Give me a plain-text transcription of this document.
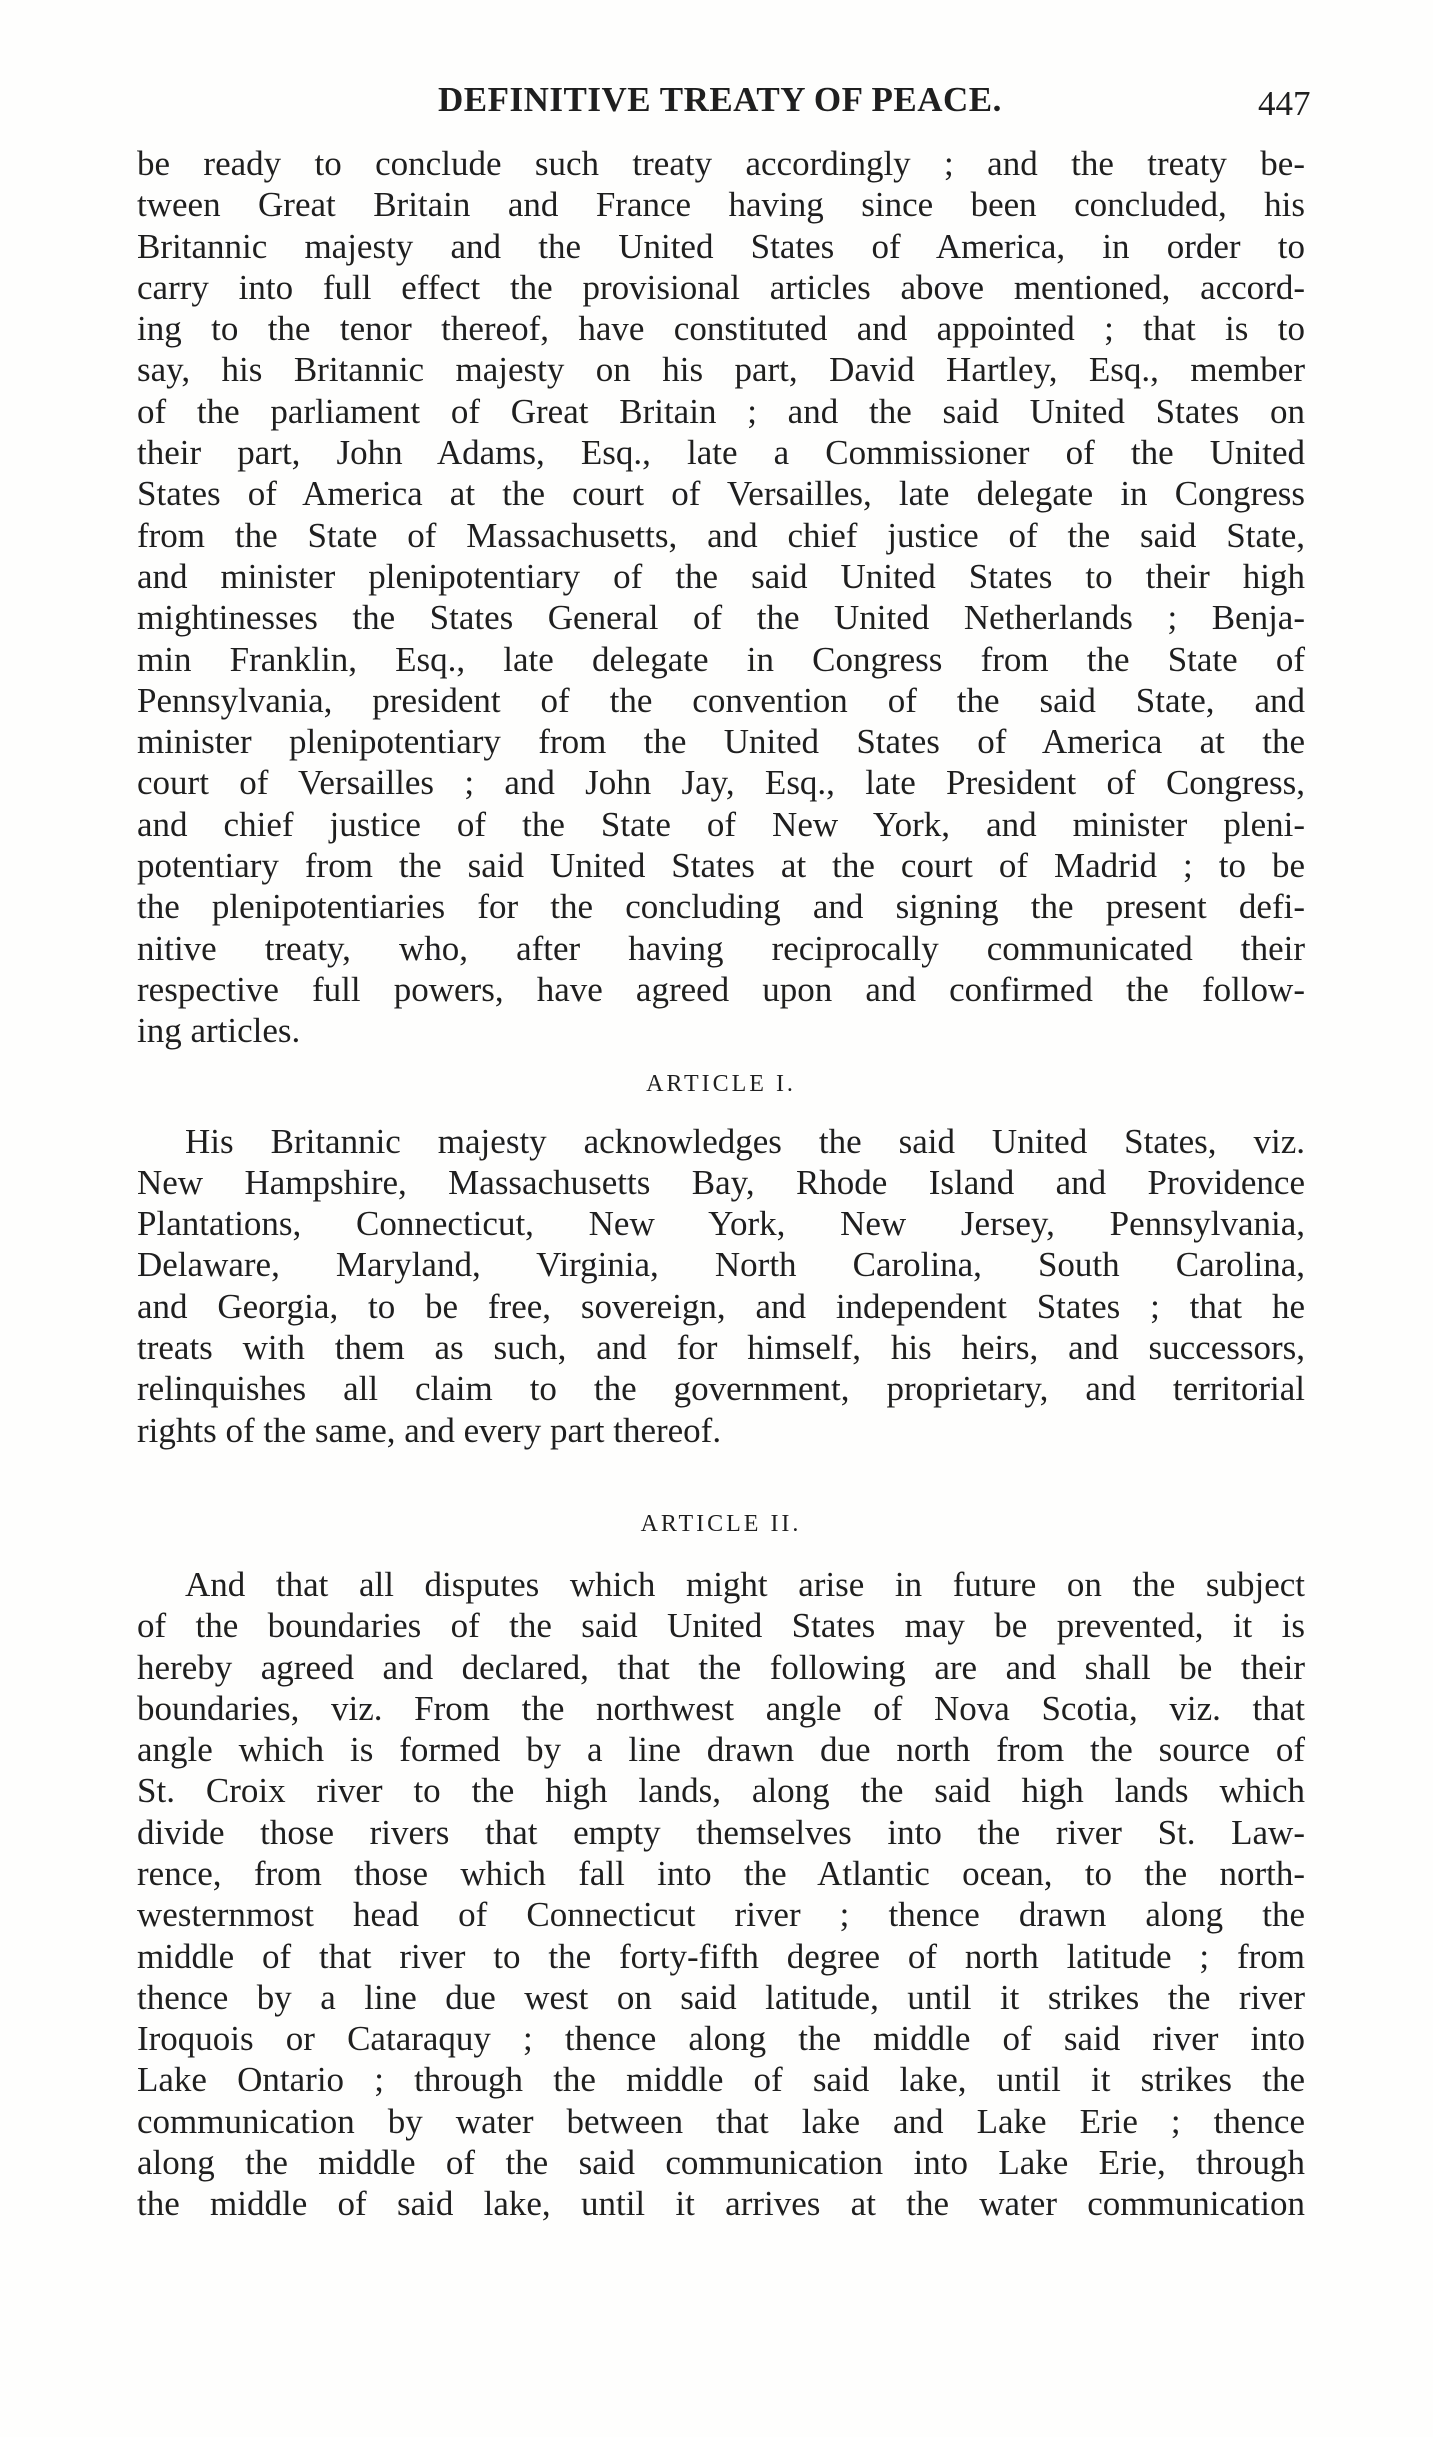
DEFINITIVE TREATY OF PEACE.	447
be ready to conclude such treaty accordingly ; and the treaty be-
tween Great Britain and France having since been concluded, his
Britannic majesty and the United States of America, in order to
carry into full effect the provisional articles above mentioned, accord-
ing to the tenor thereof, have constituted and appointed ; that is to
say, his Britannic majesty on his part, David Hartley, Esq., member
of the parliament of Great Britain ; and the said United States on
their part, John Adams, Esq., late a Commissioner of the United
States of America at the court of Versailles, late delegate in Congress
from the State of Massachusetts, and chief justice of the said State,
and minister plenipotentiary of the said United States to their high
mightinesses the States General of the United Netherlands ; Benja-
min Franklin, Esq., late delegate in Congress from the State of
Pennsylvania, president of the convention of the said State, and
minister plenipotentiary from the United States of America at the
court of Versailles ; and John Jay, Esq., late President of Congress,
and chief justice of the State of New York, and minister pleni-
potentiary from the said United States at the court of Madrid ; to be
the plenipotentiaries for the concluding and signing the present defi-
nitive treaty, who, after having reciprocally communicated their
respective full powers, have agreed upon and confirmed the follow-
ing articles.
ARTICLE I.
His Britannic majesty acknowledges the said United States, viz.
New Hampshire, Massachusetts Bay, Rhode Island and Providence
Plantations, Connecticut, New York, New Jersey, Pennsylvania,
Delaware, Maryland, Virginia, North Carolina, South Carolina,
and Georgia, to be free, sovereign, and independent States ; that he
treats with them as such, and for himself, his heirs, and successors,
relinquishes all claim to the government, proprietary, and territorial
rights of the same, and every part thereof.
ARTICLE II.
And that all disputes which might arise in future on the subject
of the boundaries of the said United States may be prevented, it is
hereby agreed and declared, that the following are and shall be their
boundaries, viz. From the northwest angle of Nova Scotia, viz. that
angle which is formed by a line drawn due north from the source of
St. Croix river to the high lands, along the said high lands which
divide those rivers that empty themselves into the river St. Law-
rence, from those which fall into the Atlantic ocean, to the north-
westernmost head of Connecticut river ; thence drawn along the
middle of that river to the forty-fifth degree of north latitude ; from
thence by a line due west on said latitude, until it strikes the river
Iroquois or Cataraquy ; thence along the middle of said river into
Lake Ontario ; through the middle of said lake, until it strikes the
communication by water between that lake and Lake Erie ; thence
along the middle of the said communication into Lake Erie, through
the middle of said lake, until it arrives at the water communication
